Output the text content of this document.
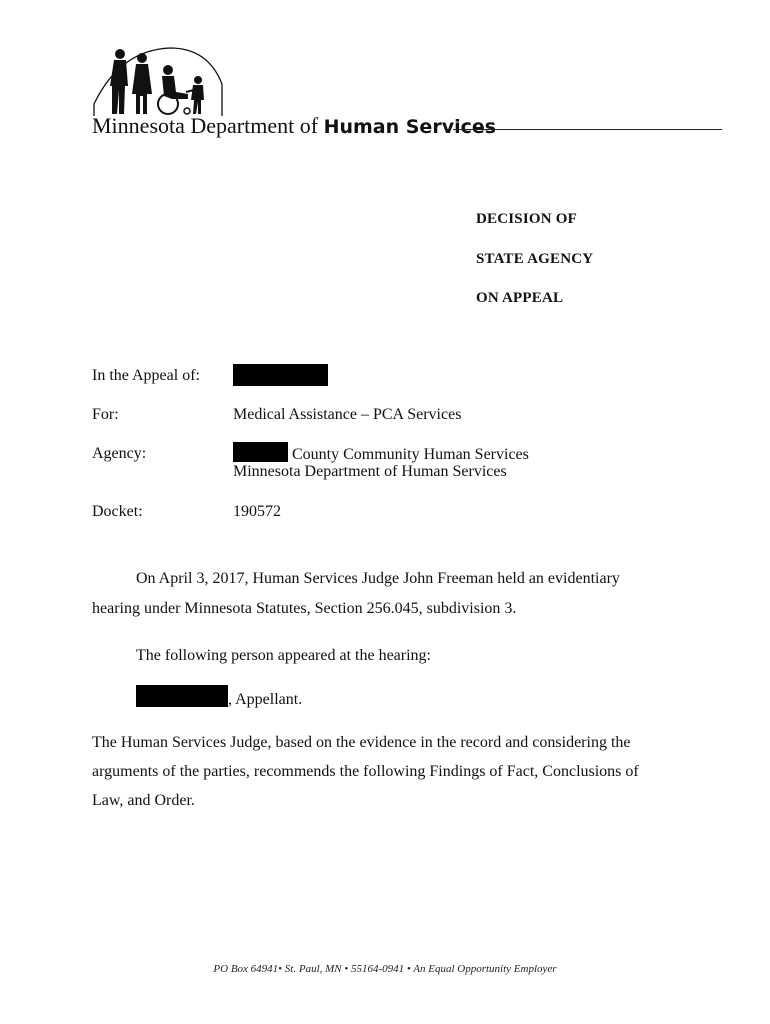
Minnesota Department of Human Services
DECISION OF
STATE AGENCY
ON APPEAL
In the Appeal of:
For:	Medical Assistance – PCA Services
Agency:	County Community Human Services
Minnesota Department of Human Services
Docket:	190572
On April 3, 2017, Human Services Judge John Freeman held an evidentiary
hearing under Minnesota Statutes, Section 256.045, subdivision 3.
The following person appeared at the hearing:
, Appellant.
The Human Services Judge, based on the evidence in the record and considering the
arguments of the parties, recommends the following Findings of Fact, Conclusions of
Law, and Order.
PO Box 64941• St. Paul, MN • 55164-0941 • An Equal Opportunity Employer
